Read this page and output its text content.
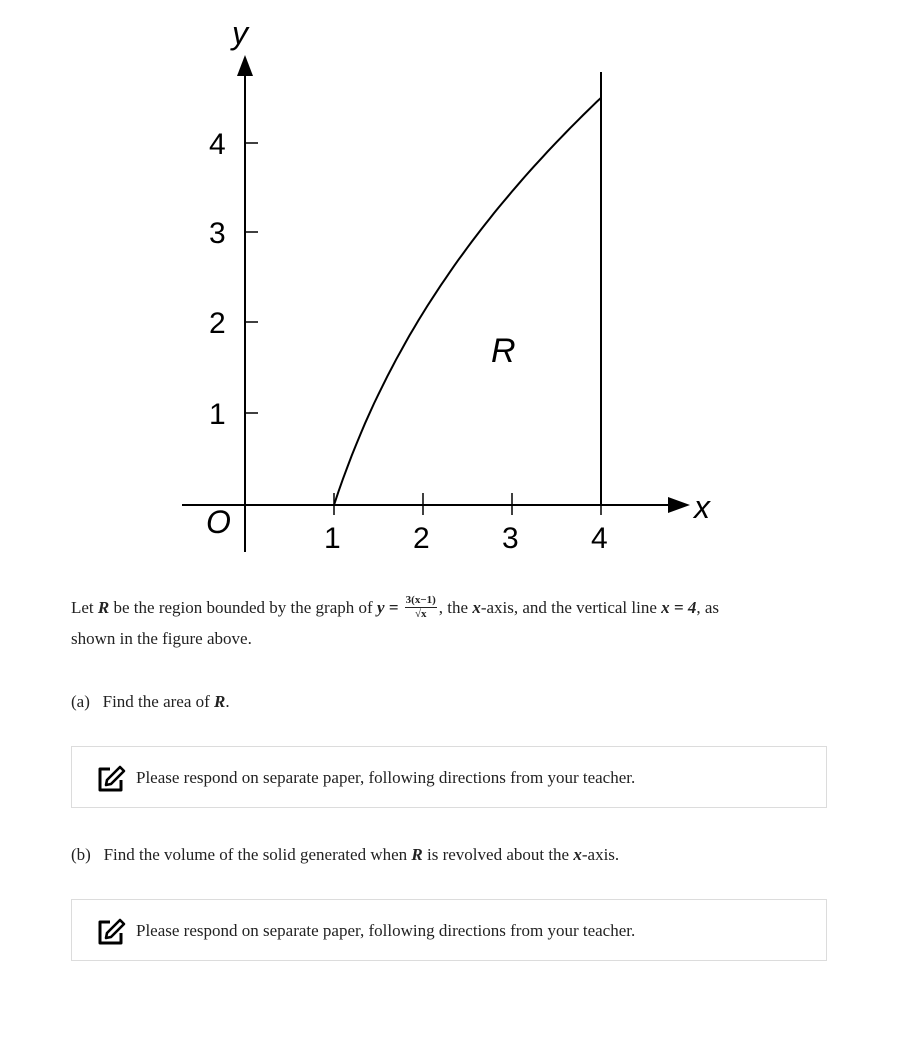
y
x
O
R
1
2
3
4
1 2 3 4
Let R be the region bounded by the graph of $y = \frac{3(x-1)}{√x}$ , the x-axis, and the vertical line x = 4, as
shown in the figure above.
(a) Find the area of R.
Please respond on separate paper, following directions from your teacher.
(b) Find the volume of the solid generated when R is revolved about the x-axis.
Please respond on separate paper, following directions from your teacher.
